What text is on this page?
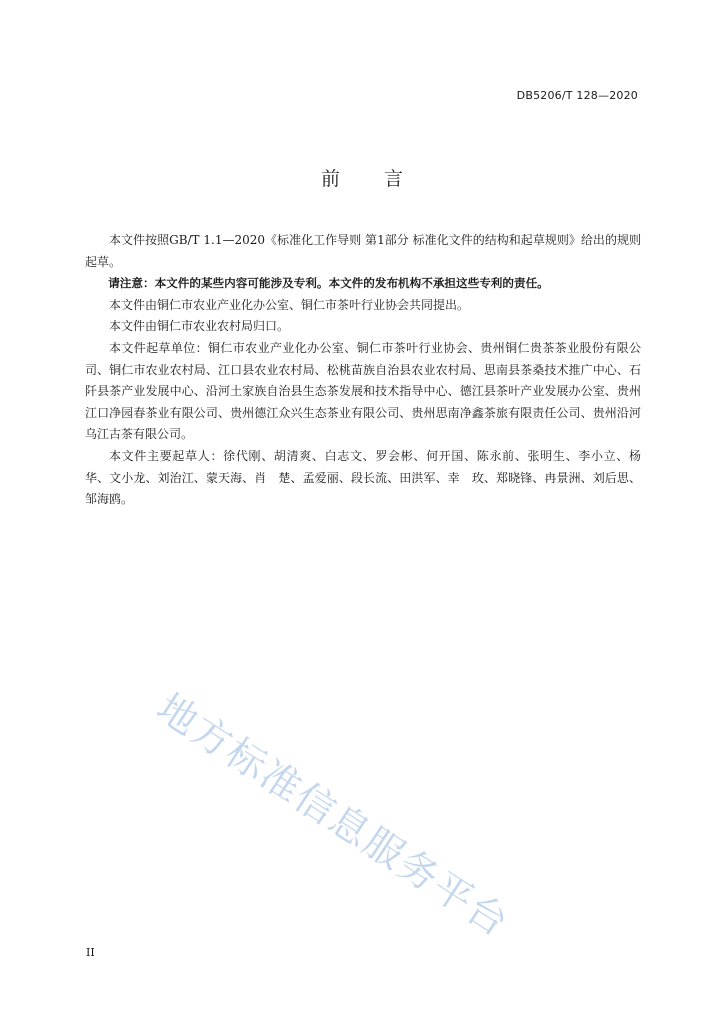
DB5206/T 128—2020
前 言

本文件按照GB/T 1.1—2020《标准化工作导则 第1部分 标准化文件的结构和起草规则》给出的规则起草。

请注意：本文件的某些内容可能涉及专利。本文件的发布机构不承担这些专利的责任。

本文件由铜仁市农业产业化办公室、铜仁市茶叶行业协会共同提出。

本文件由铜仁市农业农村局归口。

本文件起草单位：铜仁市农业产业化办公室、铜仁市茶叶行业协会、贵州铜仁贵茶茶业股份有限公司、铜仁市农业农村局、江口县农业农村局、松桃苗族自治县农业农村局、思南县茶桑技术推广中心、石阡县茶产业发展中心、沿河土家族自治县生态茶发展和技术指导中心、德江县茶叶产业发展办公室、贵州江口净园春茶业有限公司、贵州德江众兴生态茶业有限公司、贵州思南净鑫茶旅有限责任公司、贵州沿河乌江古茶有限公司。

本文件主要起草人：徐代刚、胡清爽、白志文、罗会彬、何开国、陈永前、张明生、李小立、杨　华、文小龙、刘治江、蒙天海、肖　楚、孟爱丽、段长流、田洪军、幸　玫、郑晓锋、冉景洲、刘后思、邹海鸥。

地方标准信息服务平台
II
